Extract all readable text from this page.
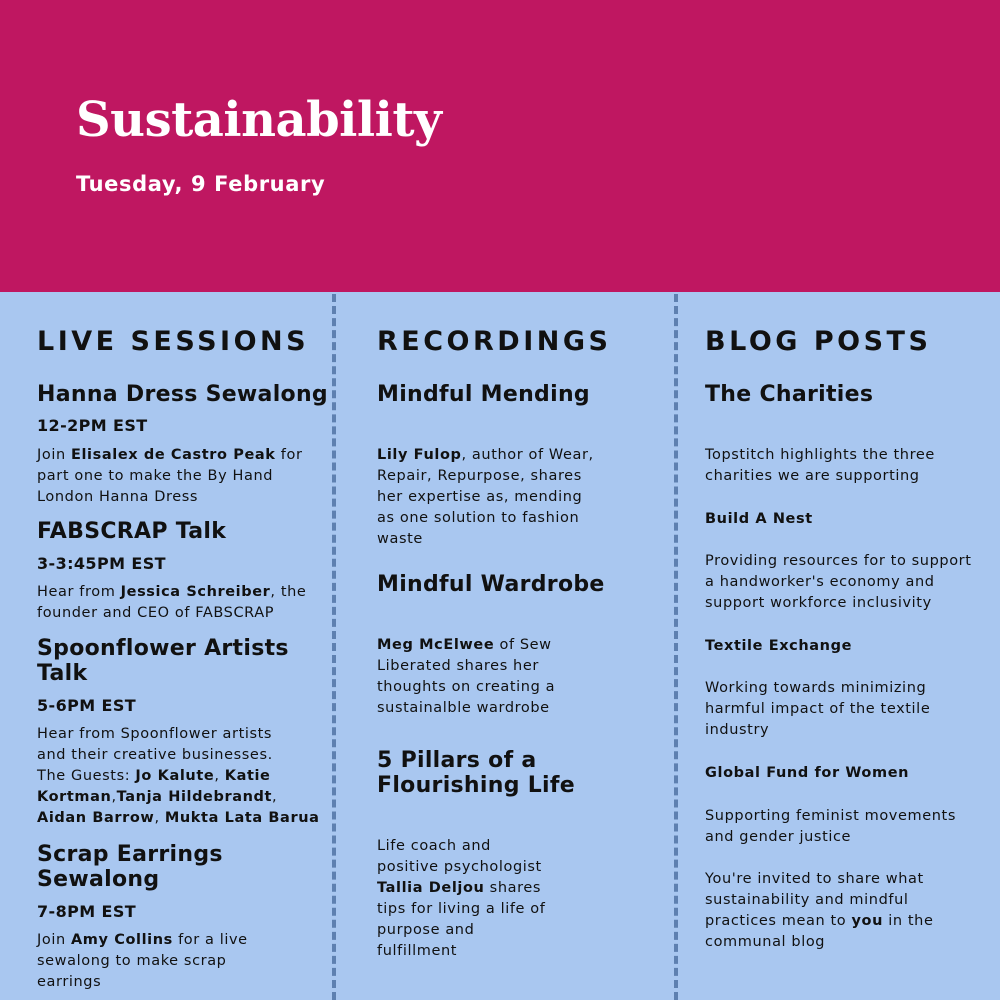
Sustainability
Tuesday, 9 February
LIVE SESSIONS
Hanna Dress Sewalong
12-2PM EST
Join Elisalex de Castro Peak for
part one to make the By Hand
London Hanna Dress
FABSCRAP Talk
3-3:45PM EST
Hear from Jessica Schreiber, the
founder and CEO of FABSCRAP
Spoonflower Artists
Talk
5-6PM EST
Hear from Spoonflower artists
and their creative businesses.
The Guests: Jo Kalute, Katie
Kortman,Tanja Hildebrandt,
Aidan Barrow, Mukta Lata Barua
Scrap Earrings
Sewalong
7-8PM EST
Join Amy Collins for a live
sewalong to make scrap
earrings
RECORDINGS
Mindful Mending
Lily Fulop, author of Wear,
Repair, Repurpose, shares
her expertise as, mending
as one solution to fashion
waste
Mindful Wardrobe
Meg McElwee of Sew
Liberated shares her
thoughts on creating a
sustainalble wardrobe
5 Pillars of a
Flourishing Life
Life coach and
positive psychologist
Tallia Deljou shares
tips for living a life of
purpose and
fulfillment
BLOG POSTS
The Charities
Topstitch highlights the three
charities we are supporting
Build A Nest
Providing resources for to support
a handworker's economy and
support workforce inclusivity
Textile Exchange
Working towards minimizing
harmful impact of the textile
industry
Global Fund for Women
Supporting feminist movements
and gender justice
You're invited to share what
sustainability and mindful
practices mean to you in the
communal blog
